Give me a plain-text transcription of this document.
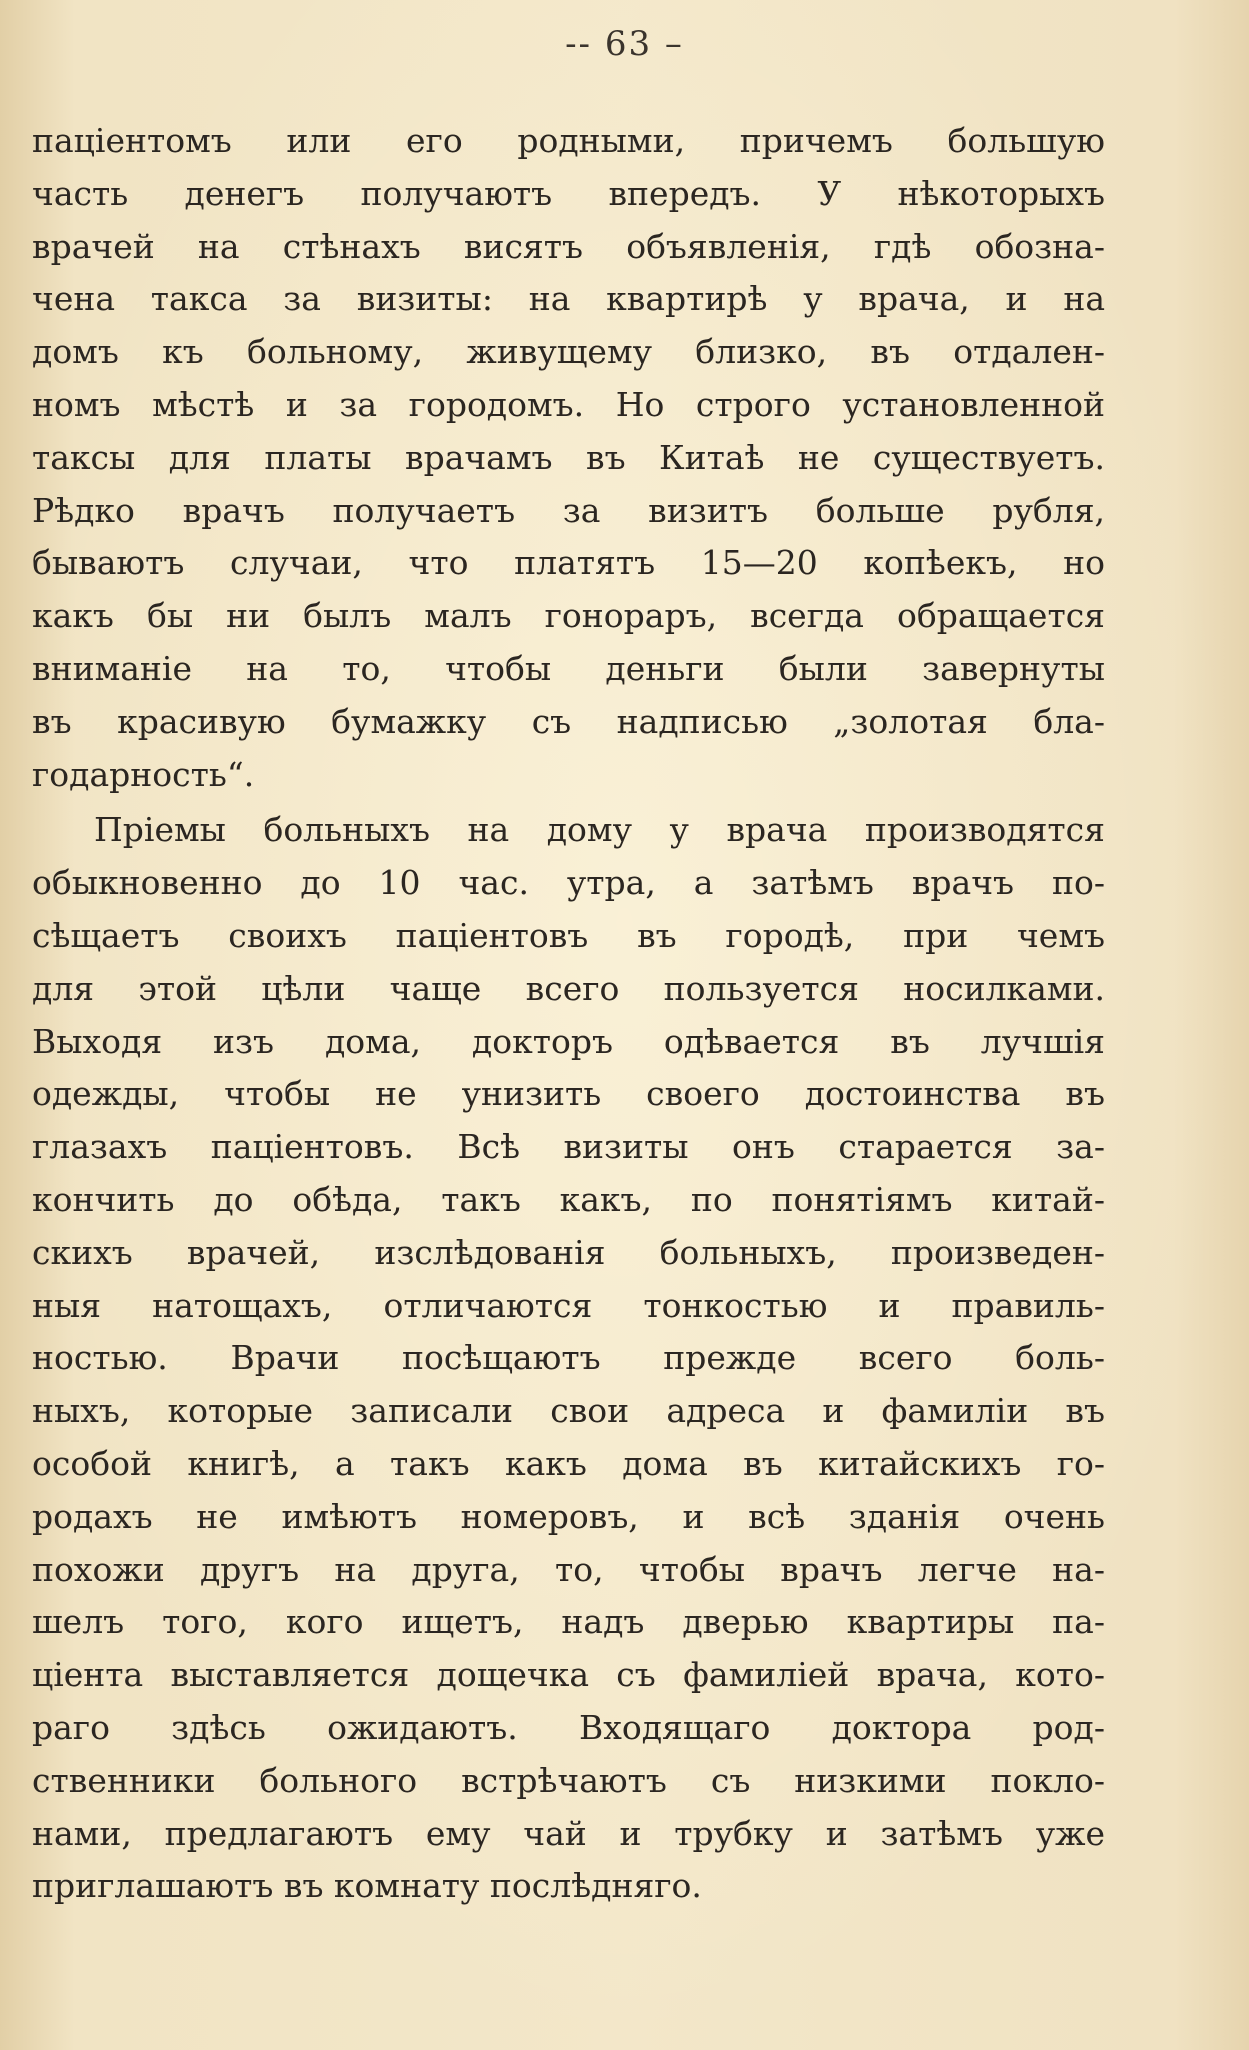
-- 63 –

паціентомъ или его родными, причемъ большую
часть денегъ получаютъ впередъ. У нѣкоторыхъ
врачей на стѣнахъ висятъ объявленія, гдѣ обозна-
чена такса за визиты: на квартирѣ у врача, и на
домъ къ больному, живущему близко, въ отдален-
номъ мѣстѣ и за городомъ. Но строго установленной
таксы для платы врачамъ въ Китаѣ не существуетъ.
Рѣдко врачъ получаетъ за визитъ больше рубля,
бываютъ случаи, что платятъ 15—20 копѣекъ, но
какъ бы ни былъ малъ гонораръ, всегда обращается
вниманіе на то, чтобы деньги были завернуты
въ красивую бумажку съ надписью „золотая бла-
годарность“.

Пріемы больныхъ на дому у врача производятся
обыкновенно до 10 час. утра, а затѣмъ врачъ по-
сѣщаетъ своихъ паціентовъ въ городѣ, при чемъ
для этой цѣли чаще всего пользуется носилками.
Выходя изъ дома, докторъ одѣвается въ лучшія
одежды, чтобы не унизить своего достоинства въ
глазахъ паціентовъ. Всѣ визиты онъ старается за-
кончить до обѣда, такъ какъ, по понятіямъ китай-
скихъ врачей, изслѣдованія больныхъ, произведен-
ныя натощахъ, отличаются тонкостью и правиль-
ностью. Врачи посѣщаютъ прежде всего боль-
ныхъ, которые записали свои адреса и фамиліи въ
особой книгѣ, а такъ какъ дома въ китайскихъ го-
родахъ не имѣютъ номеровъ, и всѣ зданія очень
похожи другъ на друга, то, чтобы врачъ легче на-
шелъ того, кого ищетъ, надъ дверью квартиры па-
ціента выставляется дощечка съ фамиліей врача, кото-
раго здѣсь ожидаютъ. Входящаго доктора род-
ственники больного встрѣчаютъ съ низкими покло-
нами, предлагаютъ ему чай и трубку и затѣмъ уже
приглашаютъ въ комнату послѣдняго.
